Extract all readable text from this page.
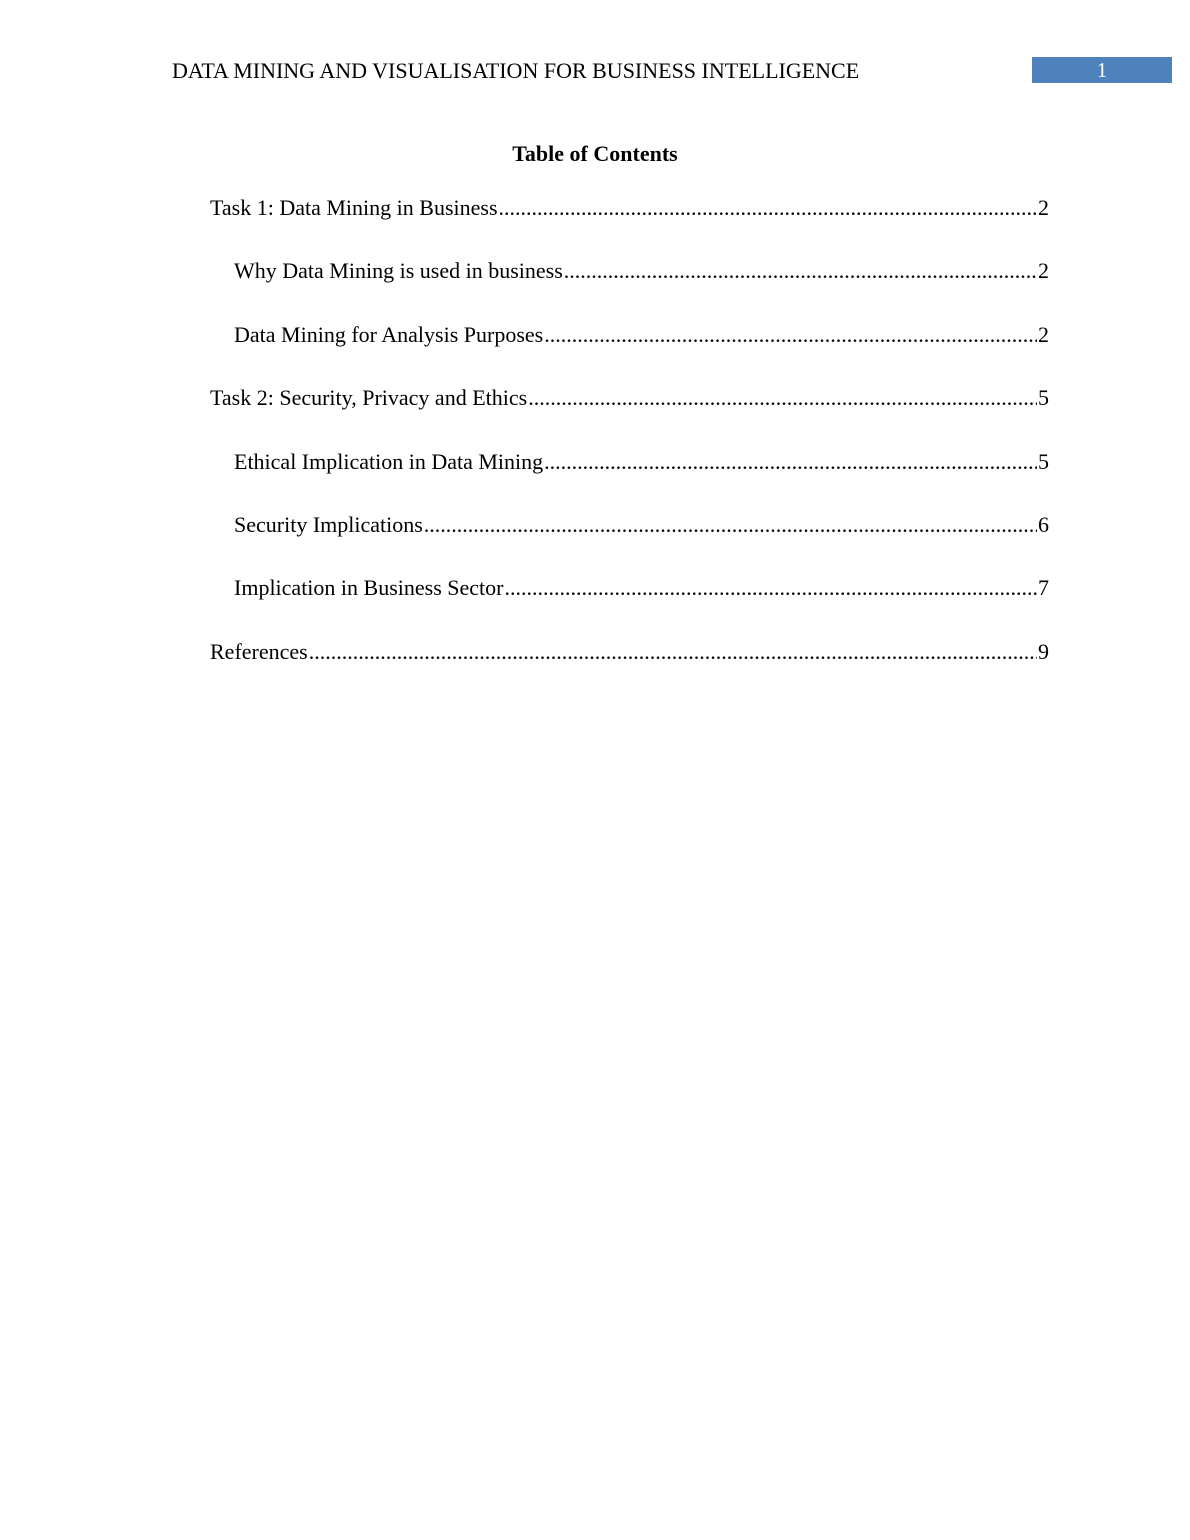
DATA MINING AND VISUALISATION FOR BUSINESS INTELLIGENCE	1
Table of Contents
Task 1: Data Mining in Business .....	2
Why Data Mining is used in business .....	2
Data Mining for Analysis Purposes .....	2
Task 2: Security, Privacy and Ethics .....	5
Ethical Implication in Data Mining .....	5
Security Implications .....	6
Implication in Business Sector .....	7
References .....	9
